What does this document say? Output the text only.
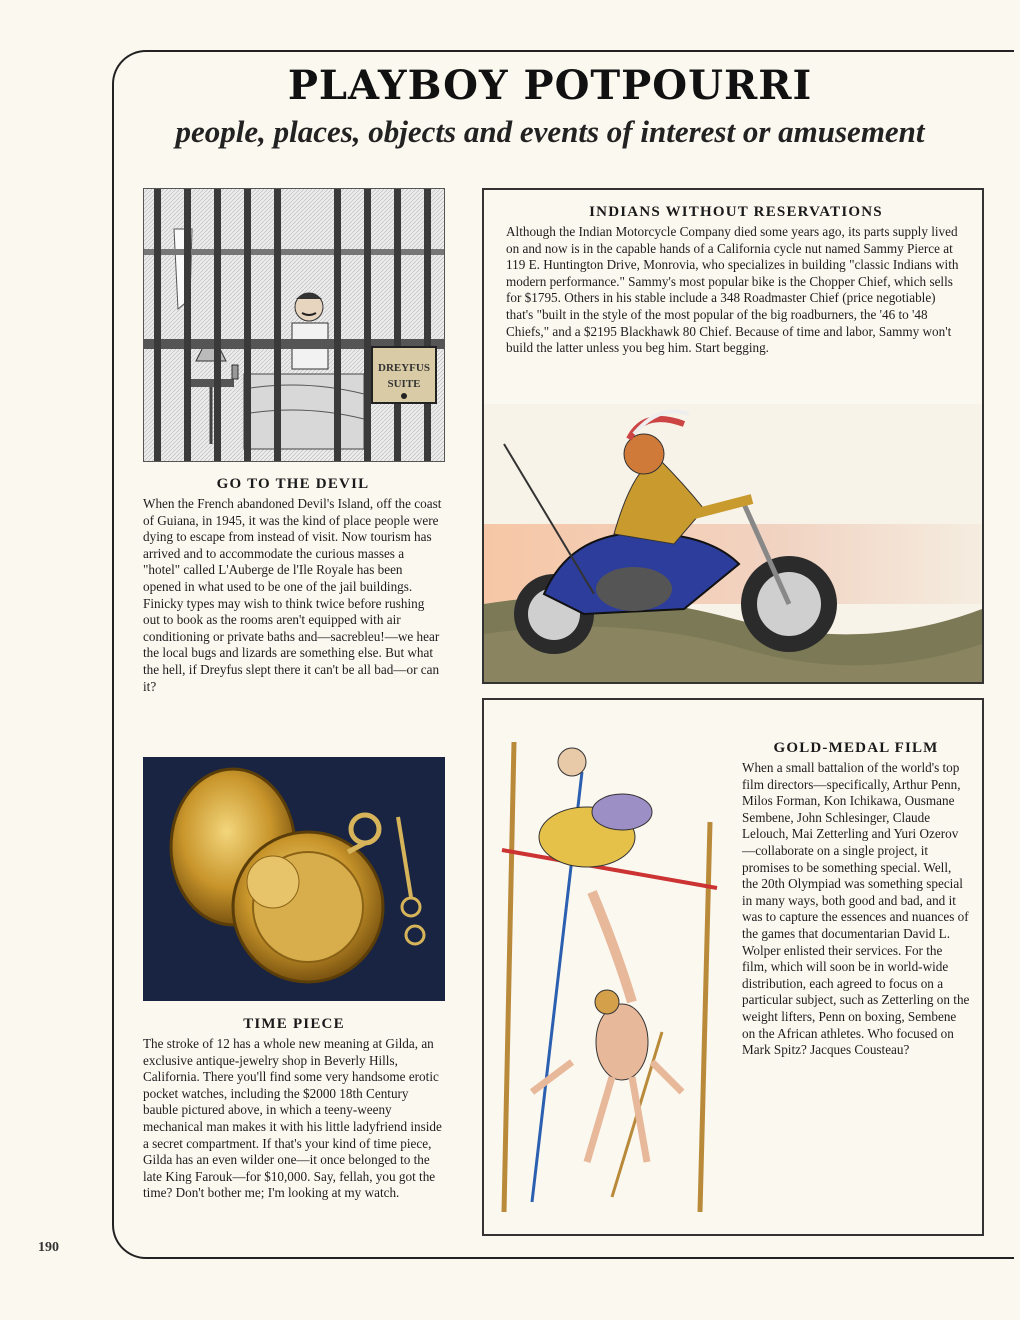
PLAYBOY POTPOURRI
people, places, objects and events of interest or amusement
DREYFUS
SUITE
GO TO THE DEVIL

When the French abandoned Devil's Island, off the coast of Guiana, in 1945, it was the kind of place people were dying to escape from instead of visit. Now tourism has arrived and to accommodate the curious masses a "hotel" called L'Auberge de l'Ile Royale has been opened in what used to be one of the jail buildings. Finicky types may wish to think twice before rushing out to book as the rooms aren't equipped with air conditioning or private baths and—sacrebleu!—we hear the local bugs and lizards are something else. But what the hell, if Dreyfus slept there it can't be all bad—or can it?

INDIANS WITHOUT RESERVATIONS

Although the Indian Motorcycle Company died some years ago, its parts supply lived on and now is in the capable hands of a California cycle nut named Sammy Pierce at 119 E. Huntington Drive, Monrovia, who specializes in building "classic Indians with modern performance." Sammy's most popular bike is the Chopper Chief, which sells for $1795. Others in his stable include a 348 Roadmaster Chief (price negotiable) that's "built in the style of the most popular of the big roadburners, the '46 to '48 Chiefs," and a $2195 Blackhawk 80 Chief. Because of time and labor, Sammy won't build the latter unless you beg him. Start begging.

TIME PIECE

The stroke of 12 has a whole new meaning at Gilda, an exclusive antique-jewelry shop in Beverly Hills, California. There you'll find some very handsome erotic pocket watches, including the $2000 18th Century bauble pictured above, in which a teeny-weeny mechanical man makes it with his little ladyfriend inside a secret compartment. If that's your kind of time piece, Gilda has an even wilder one—it once belonged to the late King Farouk—for $10,000. Say, fellah, you got the time? Don't bother me; I'm looking at my watch.

GOLD-MEDAL FILM

When a small battalion of the world's top film directors—specifically, Arthur Penn, Milos Forman, Kon Ichikawa, Ousmane Sembene, John Schlesinger, Claude Lelouch, Mai Zetterling and Yuri Ozerov—collaborate on a single project, it promises to be something special. Well, the 20th Olympiad was something special in many ways, both good and bad, and it was to capture the essences and nuances of the games that documentarian David L. Wolper enlisted their services. For the film, which will soon be in world-wide distribution, each agreed to focus on a particular subject, such as Zetterling on the weight lifters, Penn on boxing, Sembene on the African athletes. Who focused on Mark Spitz? Jacques Cousteau?

190
